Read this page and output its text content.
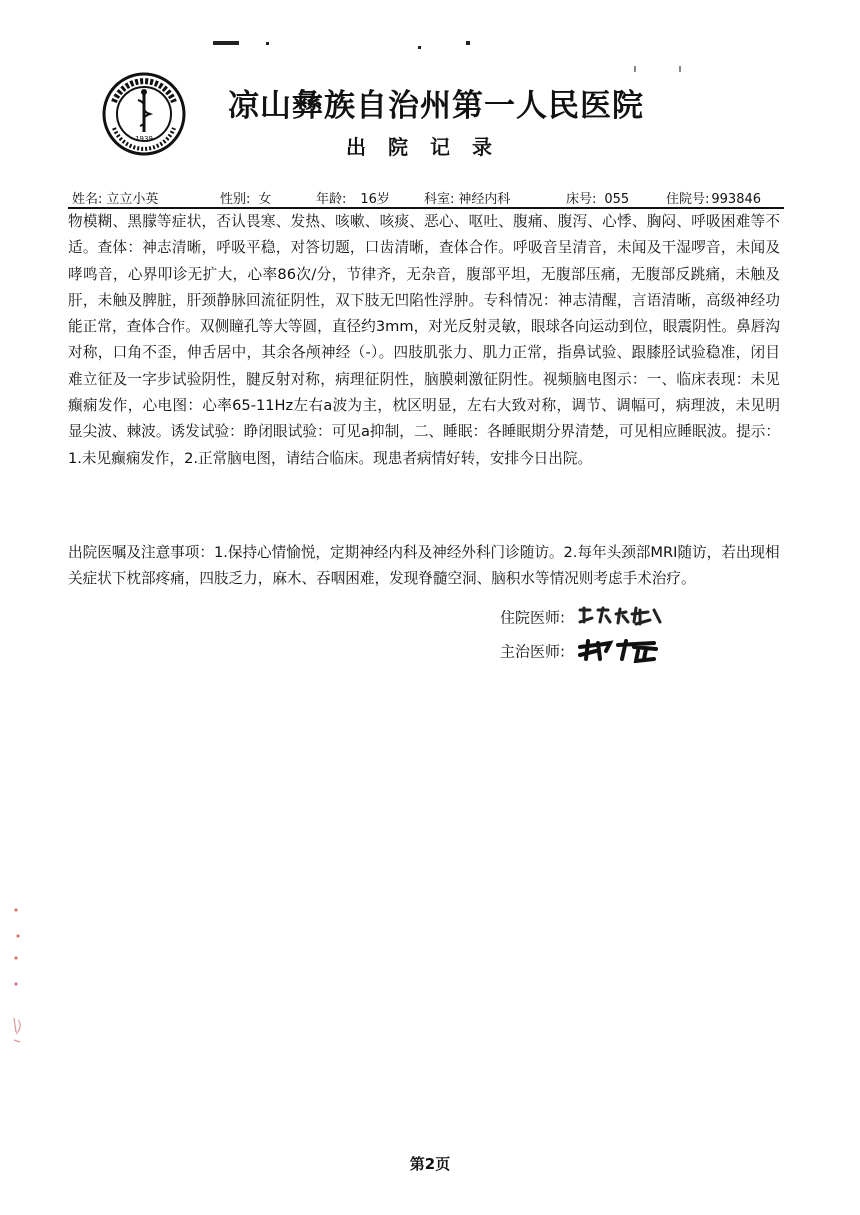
1939
凉山彝族自治州第一人民医院
出院记录
姓名: 立立小英	性别: 女	年龄: 16岁	科室: 神经内科	床号: 055	住院号: 993846

物模糊、黑朦等症状，否认畏寒、发热、咳嗽、咳痰、恶心、呕吐、腹痛、腹泻、心悸、胸闷、呼吸困难等不适。查体：神志清晰，呼吸平稳，对答切题，口齿清晰，查体合作。呼吸音呈清音，未闻及干湿啰音，未闻及哮鸣音，心界叩诊无扩大，心率86次/分，节律齐，无杂音，腹部平坦，无腹部压痛，无腹部反跳痛，未触及肝，未触及脾脏，肝颈静脉回流征阴性，双下肢无凹陷性浮肿。专科情况：神志清醒，言语清晰，高级神经功能正常，查体合作。双侧瞳孔等大等圆，直径约3mm，对光反射灵敏，眼球各向运动到位，眼震阴性。鼻唇沟对称，口角不歪，伸舌居中，其余各颅神经（-）。四肢肌张力、肌力正常，指鼻试验、跟膝胫试验稳准，闭目难立征及一字步试验阴性，腱反射对称，病理征阴性，脑膜刺激征阴性。视频脑电图示：一、临床表现：未见癫痫发作，心电图：心率65-11Hz左右a波为主，枕区明显，左右大致对称，调节、调幅可，病理波，未见明显尖波、棘波。诱发试验：睁闭眼试验：可见a抑制，二、睡眠：各睡眠期分界清楚，可见相应睡眠波。提示：1.未见癫痫发作，2.正常脑电图，请结合临床。现患者病情好转，安排今日出院。

出院医嘱及注意事项：1.保持心情愉悦，定期神经内科及神经外科门诊随访。2.每年头颈部MRI随访，若出现相关症状下枕部疼痛，四肢乏力，麻木、吞咽困难，发现脊髓空洞、脑积水等情况则考虑手术治疗。

住院医师:
主治医师:
第2页
